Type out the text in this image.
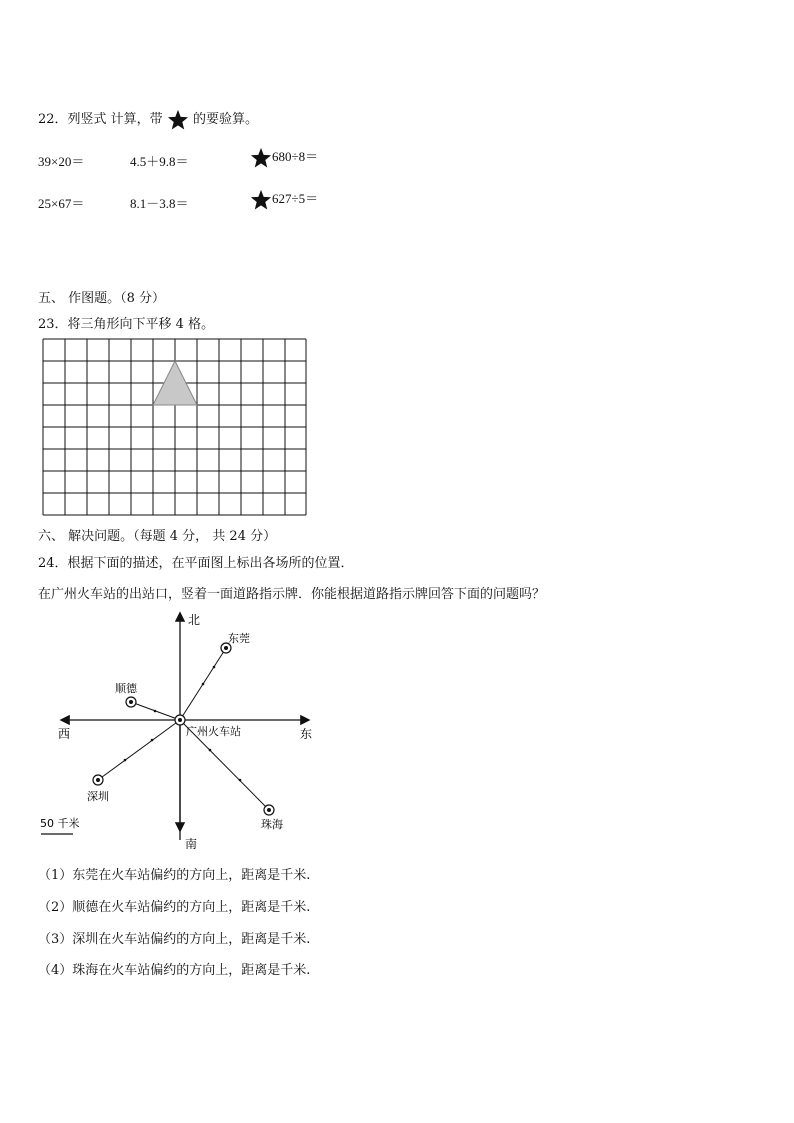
22．列竖式 计算，带 的要验算。
39×20＝	4.5＋9.8＝	680÷8＝
25×67＝	8.1－3.8＝	627÷5＝
五、 作图题。（8 分）
23．将三角形向下平移 4 格。
六、 解决问题。（每题 4 分， 共 24 分）
24．根据下面的描述，在平面图上标出各场所的位置．
在广州火车站的出站口，竖着一面道路指示牌．你能根据道路指示牌回答下面的问题吗？
北
南
东
西	广州火车站
东莞
顺德
深圳
珠海
50 千米
（1）东莞在火车站偏约的方向上，距离是千米.
（2）顺德在火车站偏约的方向上，距离是千米.
（3）深圳在火车站偏约的方向上，距离是千米.
（4）珠海在火车站偏约的方向上，距离是千米.
